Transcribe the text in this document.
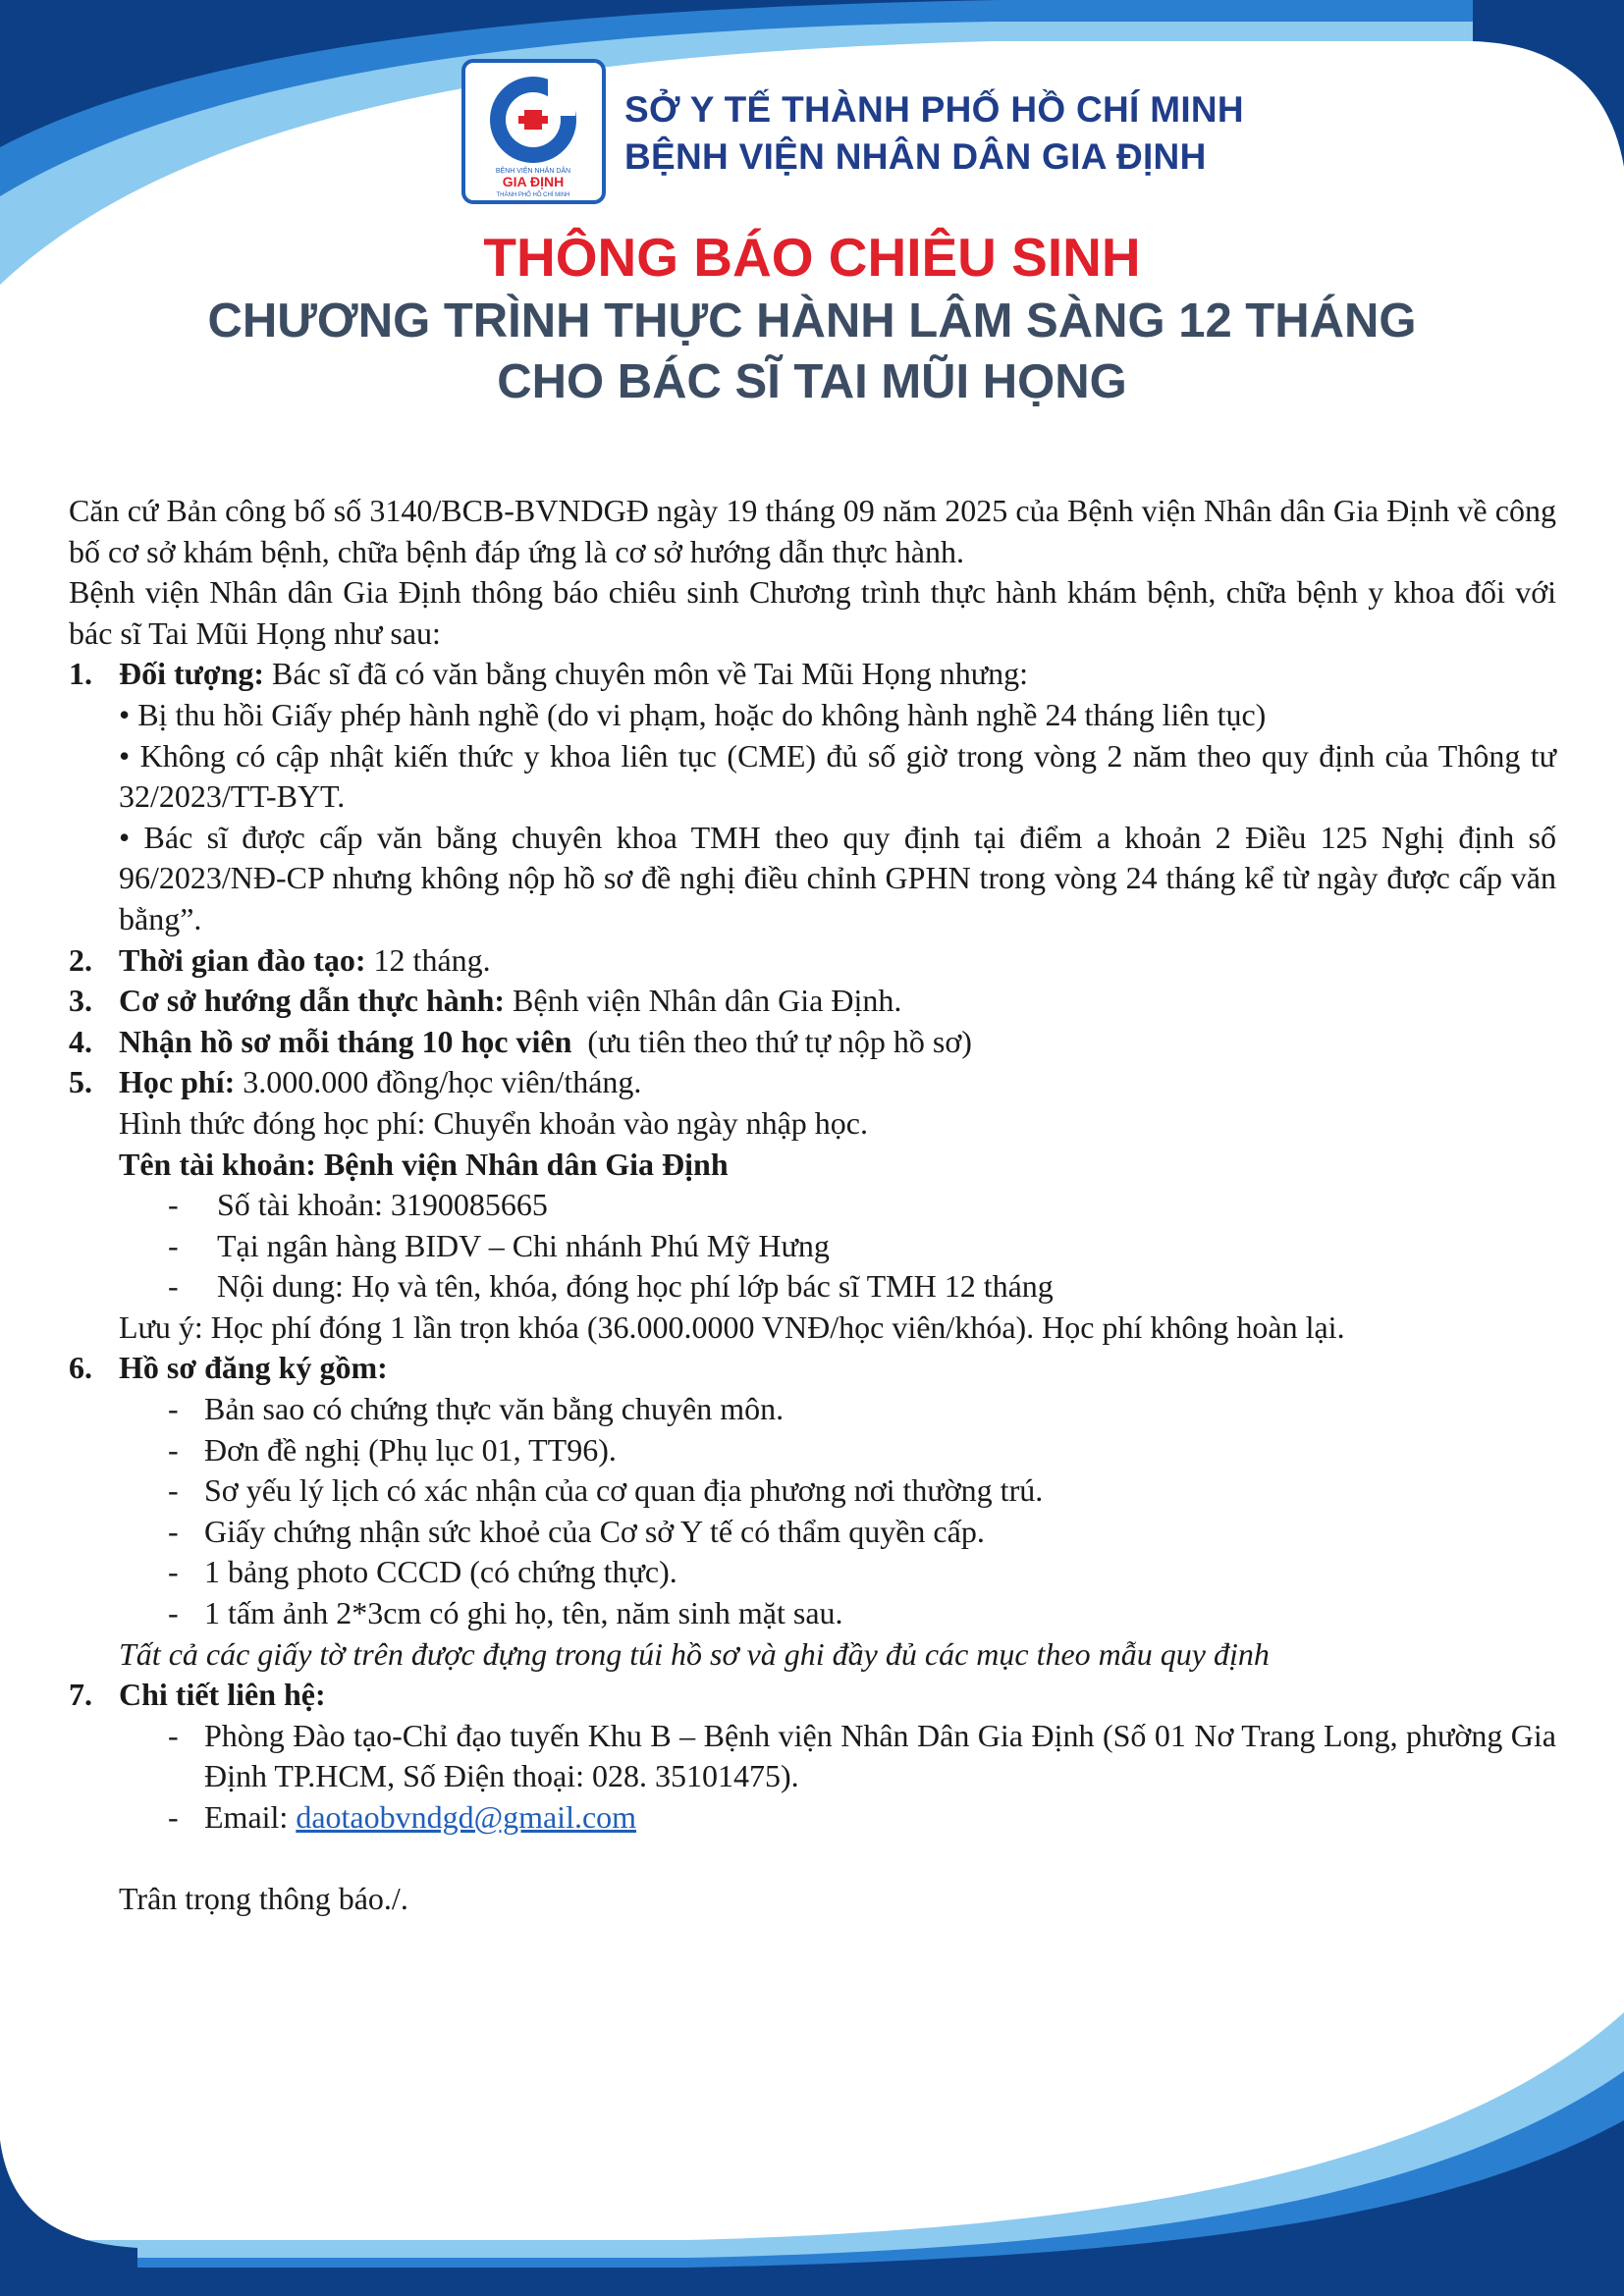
BỆNH VIỆN NHÂN DÂN
GIA ĐỊNH
THÀNH PHỐ HỒ CHÍ MINH
SỞ Y TẾ THÀNH PHỐ HỒ CHÍ MINH
BỆNH VIỆN NHÂN DÂN GIA ĐỊNH
THÔNG BÁO CHIÊU SINH
CHƯƠNG TRÌNH THỰC HÀNH LÂM SÀNG 12 THÁNG
CHO BÁC SĨ TAI MŨI HỌNG

Căn cứ Bản công bố số 3140/BCB-BVNDGĐ ngày 19 tháng 09 năm 2025 của Bệnh viện Nhân dân Gia Định về công bố cơ sở khám bệnh, chữa bệnh đáp ứng là cơ sở hướng dẫn thực hành.

Bệnh viện Nhân dân Gia Định thông báo chiêu sinh Chương trình thực hành khám bệnh, chữa bệnh y khoa đối với bác sĩ Tai Mũi Họng như sau:

1. Đối tượng: Bác sĩ đã có văn bằng chuyên môn về Tai Mũi Họng nhưng:
• Bị thu hồi Giấy phép hành nghề (do vi phạm, hoặc do không hành nghề 24 tháng liên tục)
• Không có cập nhật kiến thức y khoa liên tục (CME) đủ số giờ trong vòng 2 năm theo quy định của Thông tư 32/2023/TT-BYT.
• Bác sĩ được cấp văn bằng chuyên khoa TMH theo quy định tại điểm a khoản 2 Điều 125 Nghị định số 96/2023/NĐ-CP nhưng không nộp hồ sơ đề nghị điều chỉnh GPHN trong vòng 24 tháng kể từ ngày được cấp văn bằng”.
2. Thời gian đào tạo: 12 tháng.
3. Cơ sở hướng dẫn thực hành: Bệnh viện Nhân dân Gia Định.
4. Nhận hồ sơ mỗi tháng 10 học viên  (ưu tiên theo thứ tự nộp hồ sơ)
5. Học phí: 3.000.000 đồng/học viên/tháng.
Hình thức đóng học phí: Chuyển khoản vào ngày nhập học.
Tên tài khoản: Bệnh viện Nhân dân Gia Định
- Số tài khoản: 3190085665
- Tại ngân hàng BIDV – Chi nhánh Phú Mỹ Hưng
- Nội dung: Họ và tên, khóa, đóng học phí lớp bác sĩ TMH 12 tháng
Lưu ý: Học phí đóng 1 lần trọn khóa (36.000.0000 VNĐ/học viên/khóa). Học phí không hoàn lại.
6. Hồ sơ đăng ký gồm:
- Bản sao có chứng thực văn bằng chuyên môn.
- Đơn đề nghị (Phụ lục 01, TT96).
- Sơ yếu lý lịch có xác nhận của cơ quan địa phương nơi thường trú.
- Giấy chứng nhận sức khoẻ của Cơ sở Y tế có thẩm quyền cấp.
- 1 bảng photo CCCD (có chứng thực).
- 1 tấm ảnh 2*3cm có ghi họ, tên, năm sinh mặt sau.
Tất cả các giấy tờ trên được đựng trong túi hồ sơ và ghi đầy đủ các mục theo mẫu quy định
7. Chi tiết liên hệ:
- Phòng Đào tạo-Chỉ đạo tuyến Khu B – Bệnh viện Nhân Dân Gia Định (Số 01 Nơ Trang Long, phường Gia Định TP.HCM, Số Điện thoại: 028. 35101475).
- Email: daotaobvndgd@gmail.com
Trân trọng thông báo./.
